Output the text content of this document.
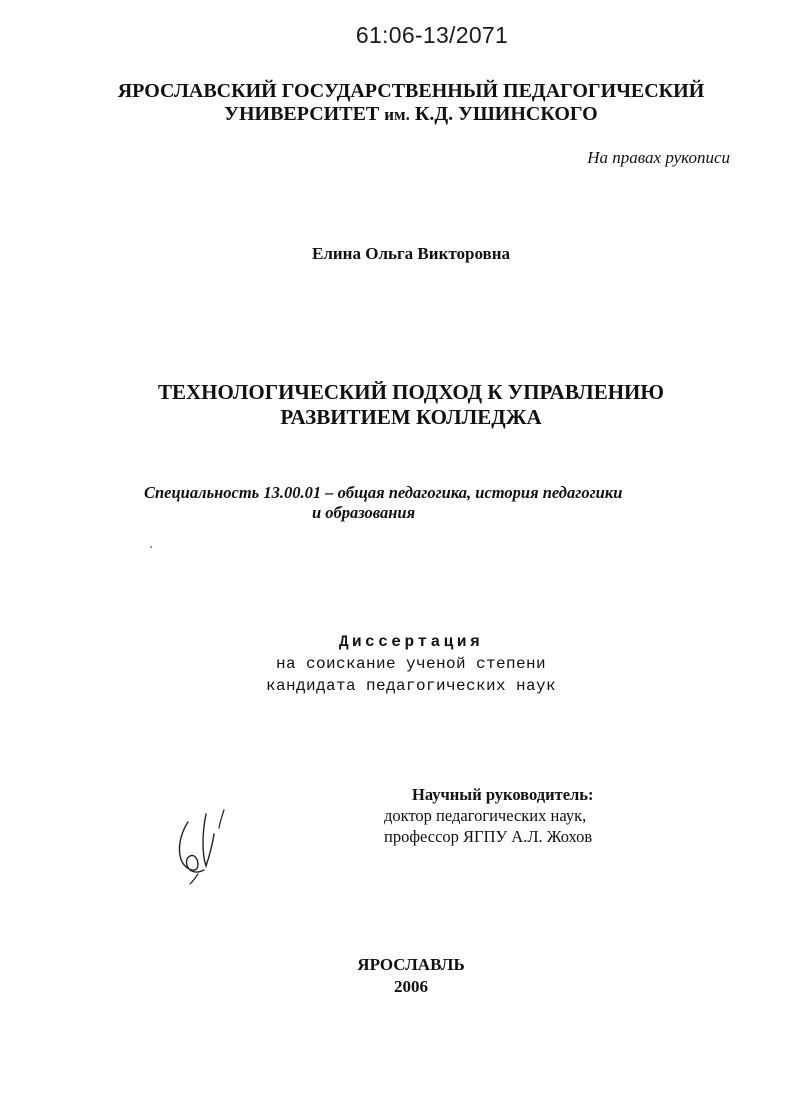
61:06-13/2071
ЯРОСЛАВСКИЙ ГОСУДАРСТВЕННЫЙ ПЕДАГОГИЧЕСКИЙ
УНИВЕРСИТЕТ им. К.Д. УШИНСКОГО
На правах рукописи
Елина Ольга Викторовна
ТЕХНОЛОГИЧЕСКИЙ ПОДХОД К УПРАВЛЕНИЮ
РАЗВИТИЕМ КОЛЛЕДЖА
Специальность 13.00.01 – общая педагогика, история педагогики
и образования
Диссертация
на соискание ученой степени
кандидата педагогических наук
Научный руководитель:
доктор педагогических наук,
профессор ЯГПУ А.Л. Жохов
ЯРОСЛАВЛЬ
2006
